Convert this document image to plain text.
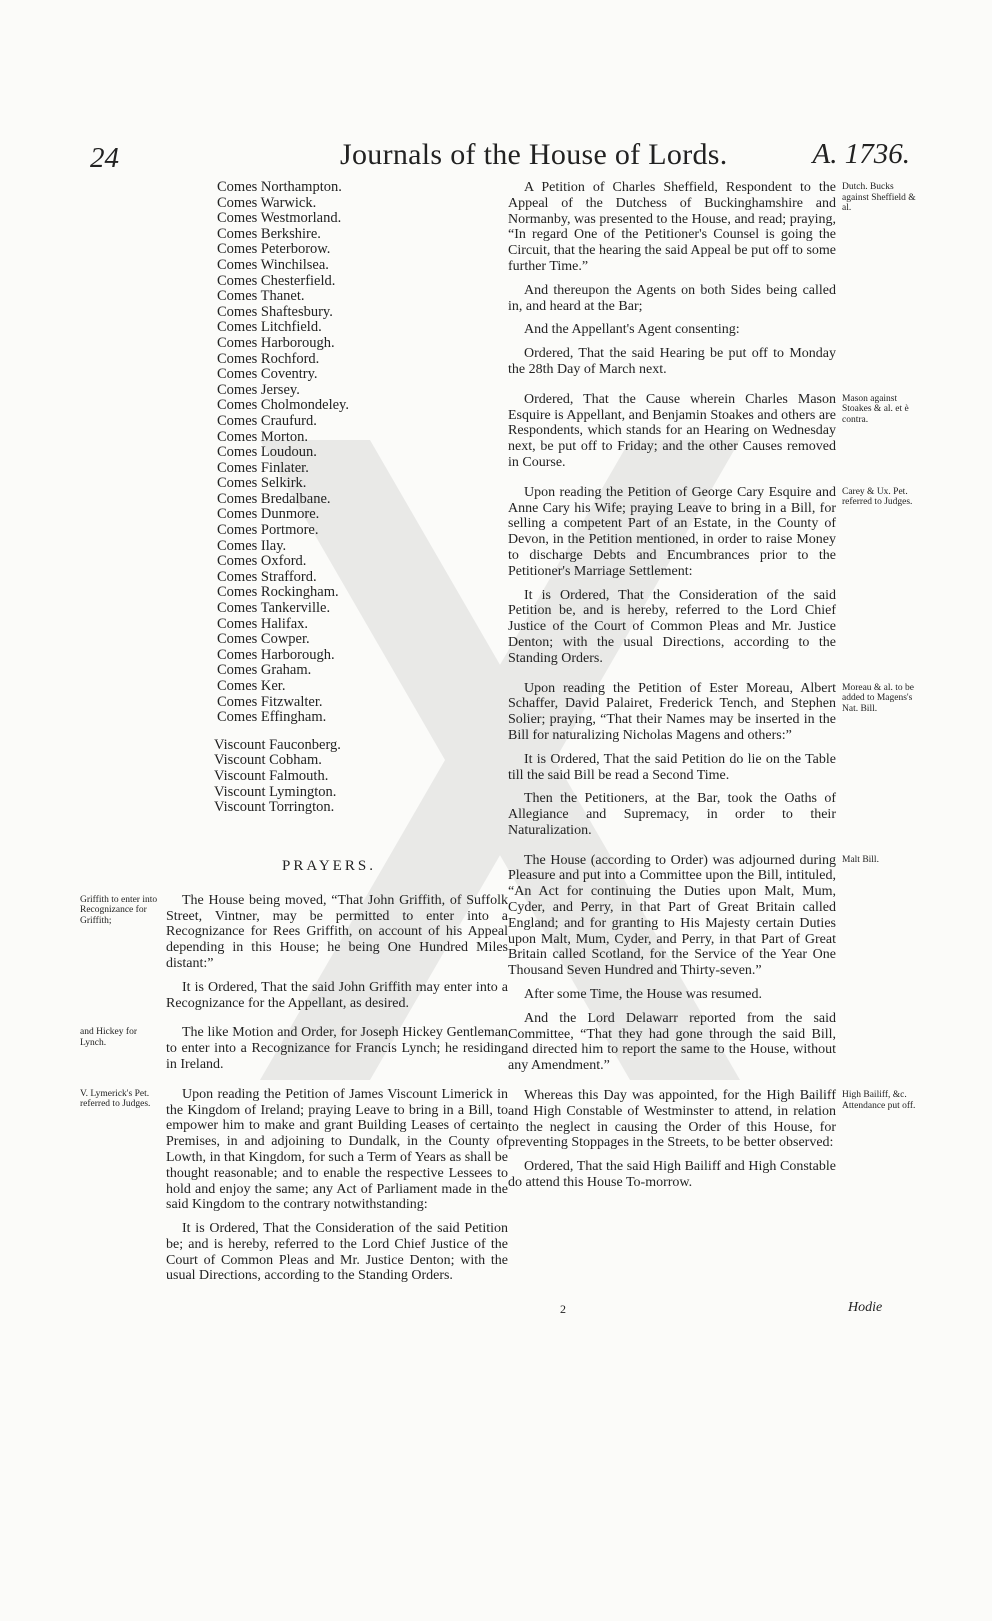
24	Journals of the House of Lords.	A. 1736.
Comes Northampton.
Comes Warwick.
Comes Westmorland.
Comes Berkshire.
Comes Peterborow.
Comes Winchilsea.
Comes Chesterfield.
Comes Thanet.
Comes Shaftesbury.
Comes Litchfield.
Comes Harborough.
Comes Rochford.
Comes Coventry.
Comes Jersey.
Comes Cholmondeley.
Comes Craufurd.
Comes Morton.
Comes Loudoun.
Comes Finlater.
Comes Selkirk.
Comes Bredalbane.
Comes Dunmore.
Comes Portmore.
Comes Ilay.
Comes Oxford.
Comes Strafford.
Comes Rockingham.
Comes Tankerville.
Comes Halifax.
Comes Cowper.
Comes Harborough.
Comes Graham.
Comes Ker.
Comes Fitzwalter.
Comes Effingham.
Viscount Fauconberg.
Viscount Cobham.
Viscount Falmouth.
Viscount Lymington.
Viscount Torrington.
PRAYERS.
Griffith to enter into Recognizance for Griffith;

The House being moved, “That John Griffith, of Suffolk Street, Vintner, may be permitted to enter into a Recognizance for Rees Griffith, on account of his Appeal depending in this House; he being One Hundred Miles distant:”

It is Ordered, That the said John Griffith may enter into a Recognizance for the Appellant, as desired.

and Hickey for Lynch.

The like Motion and Order, for Joseph Hickey Gentleman to enter into a Recognizance for Francis Lynch; he residing in Ireland.

V. Lymerick's Pet. referred to Judges.

Upon reading the Petition of James Viscount Limerick in the Kingdom of Ireland; praying Leave to bring in a Bill, to empower him to make and grant Building Leases of certain Premises, in and adjoining to Dundalk, in the County of Lowth, in that Kingdom, for such a Term of Years as shall be thought reasonable; and to enable the respective Lessees to hold and enjoy the same; any Act of Parliament made in the said Kingdom to the contrary notwithstanding:

It is Ordered, That the Consideration of the said Petition be; and is hereby, referred to the Lord Chief Justice of the Court of Common Pleas and Mr. Justice Denton; with the usual Directions, according to the Standing Orders.

Dutch. Bucks against Sheffield & al.

A Petition of Charles Sheffield, Respondent to the Appeal of the Dutchess of Buckinghamshire and Normanby, was presented to the House, and read; praying, “In regard One of the Petitioner's Counsel is going the Circuit, that the hearing the said Appeal be put off to some further Time.”

And thereupon the Agents on both Sides being called in, and heard at the Bar;

And the Appellant's Agent consenting:

Ordered, That the said Hearing be put off to Monday the 28th Day of March next.

Mason against Stoakes & al. et è contra.

Ordered, That the Cause wherein Charles Mason Esquire is Appellant, and Benjamin Stoakes and others are Respondents, which stands for an Hearing on Wednesday next, be put off to Friday; and the other Causes removed in Course.

Carey & Ux. Pet. referred to Judges.

Upon reading the Petition of George Cary Esquire and Anne Cary his Wife; praying Leave to bring in a Bill, for selling a competent Part of an Estate, in the County of Devon, in the Petition mentioned, in order to raise Money to discharge Debts and Encumbrances prior to the Petitioner's Marriage Settlement:

It is Ordered, That the Consideration of the said Petition be, and is hereby, referred to the Lord Chief Justice of the Court of Common Pleas and Mr. Justice Denton; with the usual Directions, according to the Standing Orders.

Moreau & al. to be added to Magens's Nat. Bill.

Upon reading the Petition of Ester Moreau, Albert Schaffer, David Palairet, Frederick Tench, and Stephen Solier; praying, “That their Names may be inserted in the Bill for naturalizing Nicholas Magens and others:”

It is Ordered, That the said Petition do lie on the Table till the said Bill be read a Second Time.

Then the Petitioners, at the Bar, took the Oaths of Allegiance and Supremacy, in order to their Naturalization.

Malt Bill.

The House (according to Order) was adjourned during Pleasure and put into a Committee upon the Bill, intituled, “An Act for continuing the Duties upon Malt, Mum, Cyder, and Perry, in that Part of Great Britain called England; and for granting to His Majesty certain Duties upon Malt, Mum, Cyder, and Perry, in that Part of Great Britain called Scotland, for the Service of the Year One Thousand Seven Hundred and Thirty-seven.”

After some Time, the House was resumed.

And the Lord Delawarr reported from the said Committee, “That they had gone through the said Bill, and directed him to report the same to the House, without any Amendment.”

High Bailiff, &c. Attendance put off.

Whereas this Day was appointed, for the High Bailiff and High Constable of Westminster to attend, in relation to the neglect in causing the Order of this House, for preventing Stoppages in the Streets, to be better observed:

Ordered, That the said High Bailiff and High Constable do attend this House To-morrow.

2	Hodie
